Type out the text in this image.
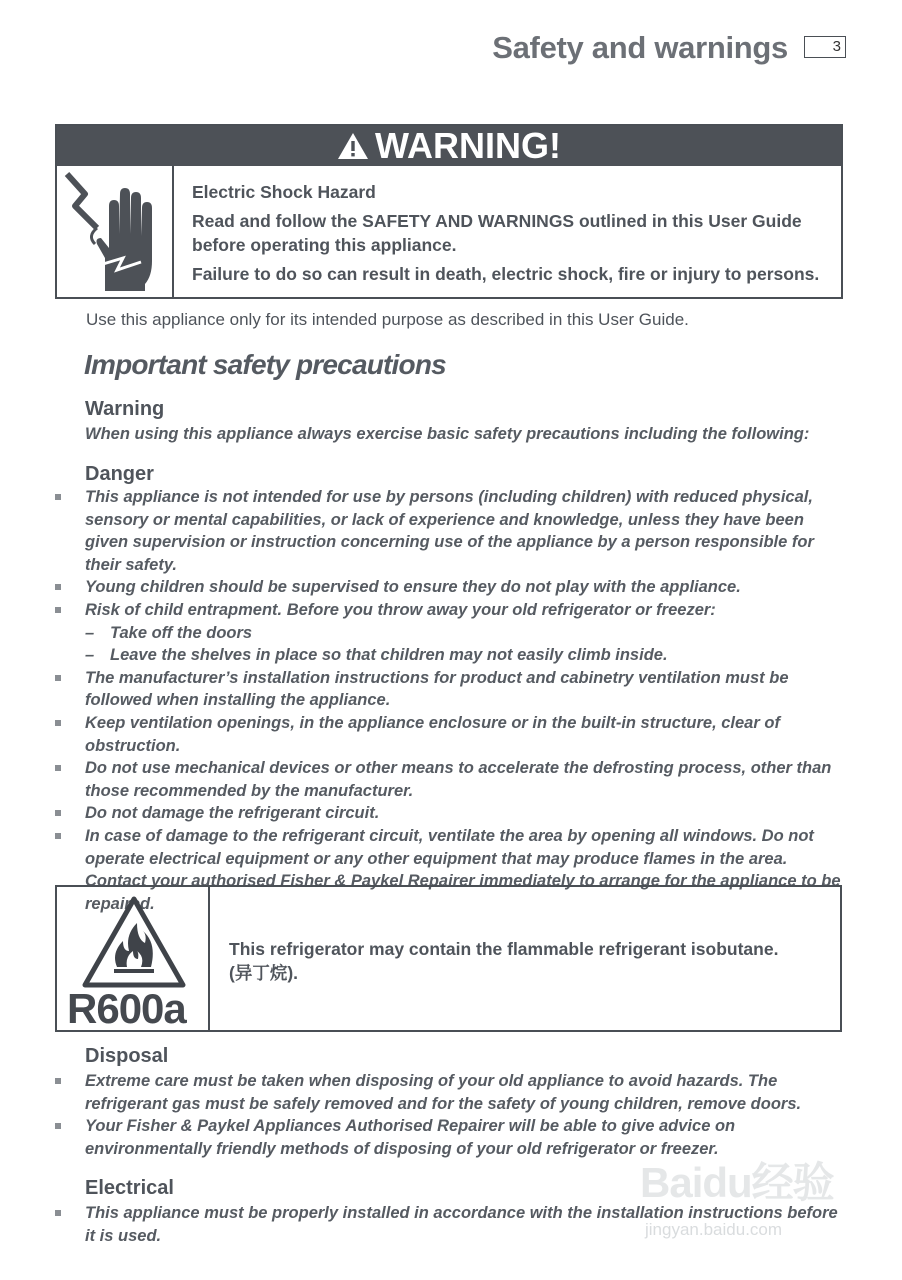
Safety and warnings	3
WARNING!

Electric Shock Hazard

Read and follow the SAFETY AND WARNINGS outlined in this User Guide before operating this appliance.

Failure to do so can result in death, electric shock, fire or injury to persons.

Use this appliance only for its intended purpose as described in this User Guide.
Important safety precautions
Warning
When using this appliance always exercise basic safety precautions including the following:
Danger
This appliance is not intended for use by persons (including children) with reduced physical, sensory or mental capabilities, or lack of experience and knowledge, unless they have been given supervision or instruction concerning use of the appliance by a person responsible for their safety.
Young children should be supervised to ensure they do not play with the appliance.
Risk of child entrapment. Before you throw away your old refrigerator or freezer:
– Take off the doors
– Leave the shelves in place so that children may not easily climb inside.
The manufacturer’s installation instructions for product and cabinetry ventilation must be followed when installing the appliance.
Keep ventilation openings, in the appliance enclosure or in the built-in structure, clear of obstruction.
Do not use mechanical devices or other means to accelerate the defrosting process, other than those recommended by the manufacturer.
Do not damage the refrigerant circuit.
In case of damage to the refrigerant circuit, ventilate the area by opening all windows. Do not operate electrical equipment or any other equipment that may produce flames in the area. Contact your authorised Fisher & Paykel Repairer immediately to arrange for the appliance to be repaired.
R600a
This refrigerator may contain the flammable refrigerant isobutane.
(异丁烷).
Disposal
Extreme care must be taken when disposing of your old appliance to avoid hazards. The refrigerant gas must be safely removed and for the safety of young children, remove doors.
Your Fisher & Paykel Appliances Authorised Repairer will be able to give advice on environmentally friendly methods of disposing of your old refrigerator or freezer.
Electrical
This appliance must be properly installed in accordance with the installation instructions before it is used.
Baidu经验
jingyan.baidu.com
